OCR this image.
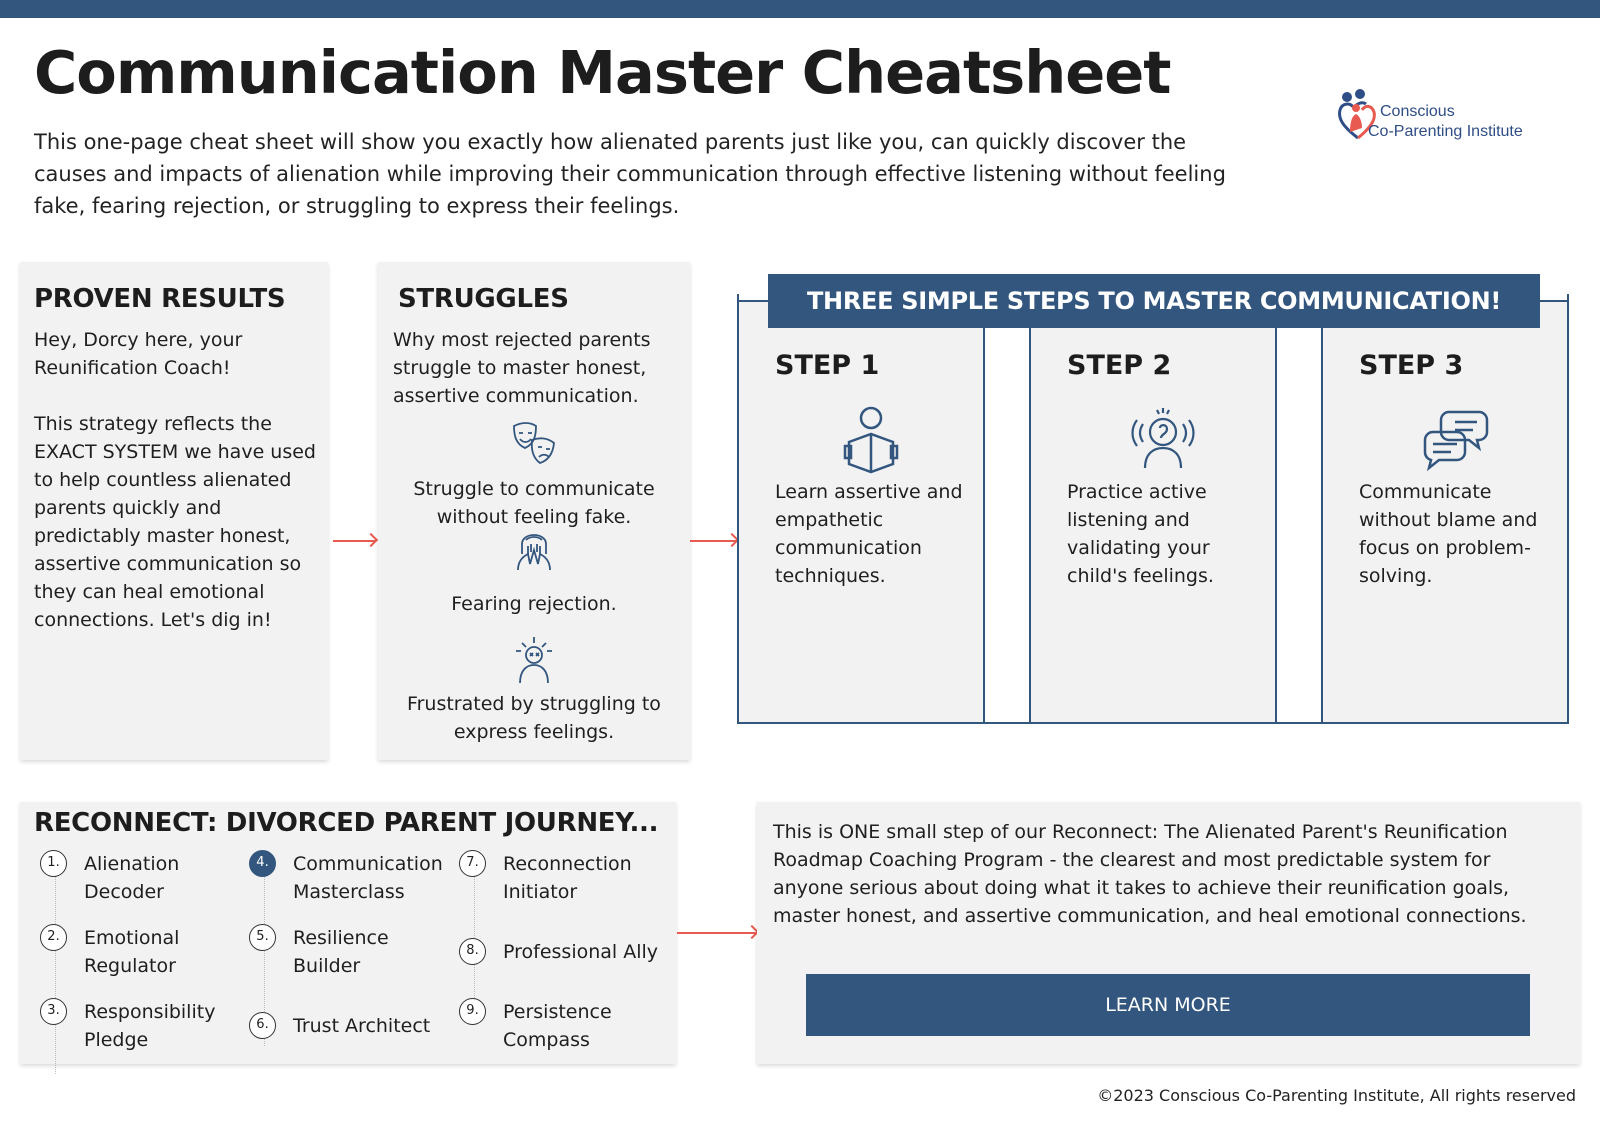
Communication Master Cheatsheet

This one-page cheat sheet will show you exactly how alienated parents just like you, can quickly discover the causes and impacts of alienation while improving their communication through effective listening without feeling fake, fearing rejection, or struggling to express their feelings.

Conscious
Co-Parenting Institute
PROVEN RESULTS

Hey, Dorcy here, your Reunification Coach!

This strategy reflects the EXACT SYSTEM we have used to help countless alienated parents quickly and predictably master honest, assertive communication so they can heal emotional connections. Let's dig in!

STRUGGLES

Why most rejected parents struggle to master honest, assertive communication.

Struggle to communicate without feeling fake.

Fearing rejection.

Frustrated by struggling to express feelings.

STEP 1

Learn assertive and empathetic communication techniques.

STEP 2

Practice active listening and validating your child's feelings.

STEP 3

Communicate without blame and focus on problem-solving.

THREE SIMPLE STEPS TO MASTER COMMUNICATION!
RECONNECT: DIVORCED PARENT JOURNEY...
1.	Alienation Decoder
2.	Emotional Regulator
3.	Responsibility Pledge
4.	Communication Masterclass
5.	Resilience Builder
6.	Trust Architect
7.	Reconnection Initiator
8.	Professional Ally
9.	Persistence Compass

This is ONE small step of our Reconnect: The Alienated Parent's Reunification Roadmap Coaching Program - the clearest and most predictable system for anyone serious about doing what it takes to achieve their reunification goals, master honest, and assertive communication, and heal emotional connections.

LEARN MORE
©2023 Conscious Co-Parenting Institute, All rights reserved
